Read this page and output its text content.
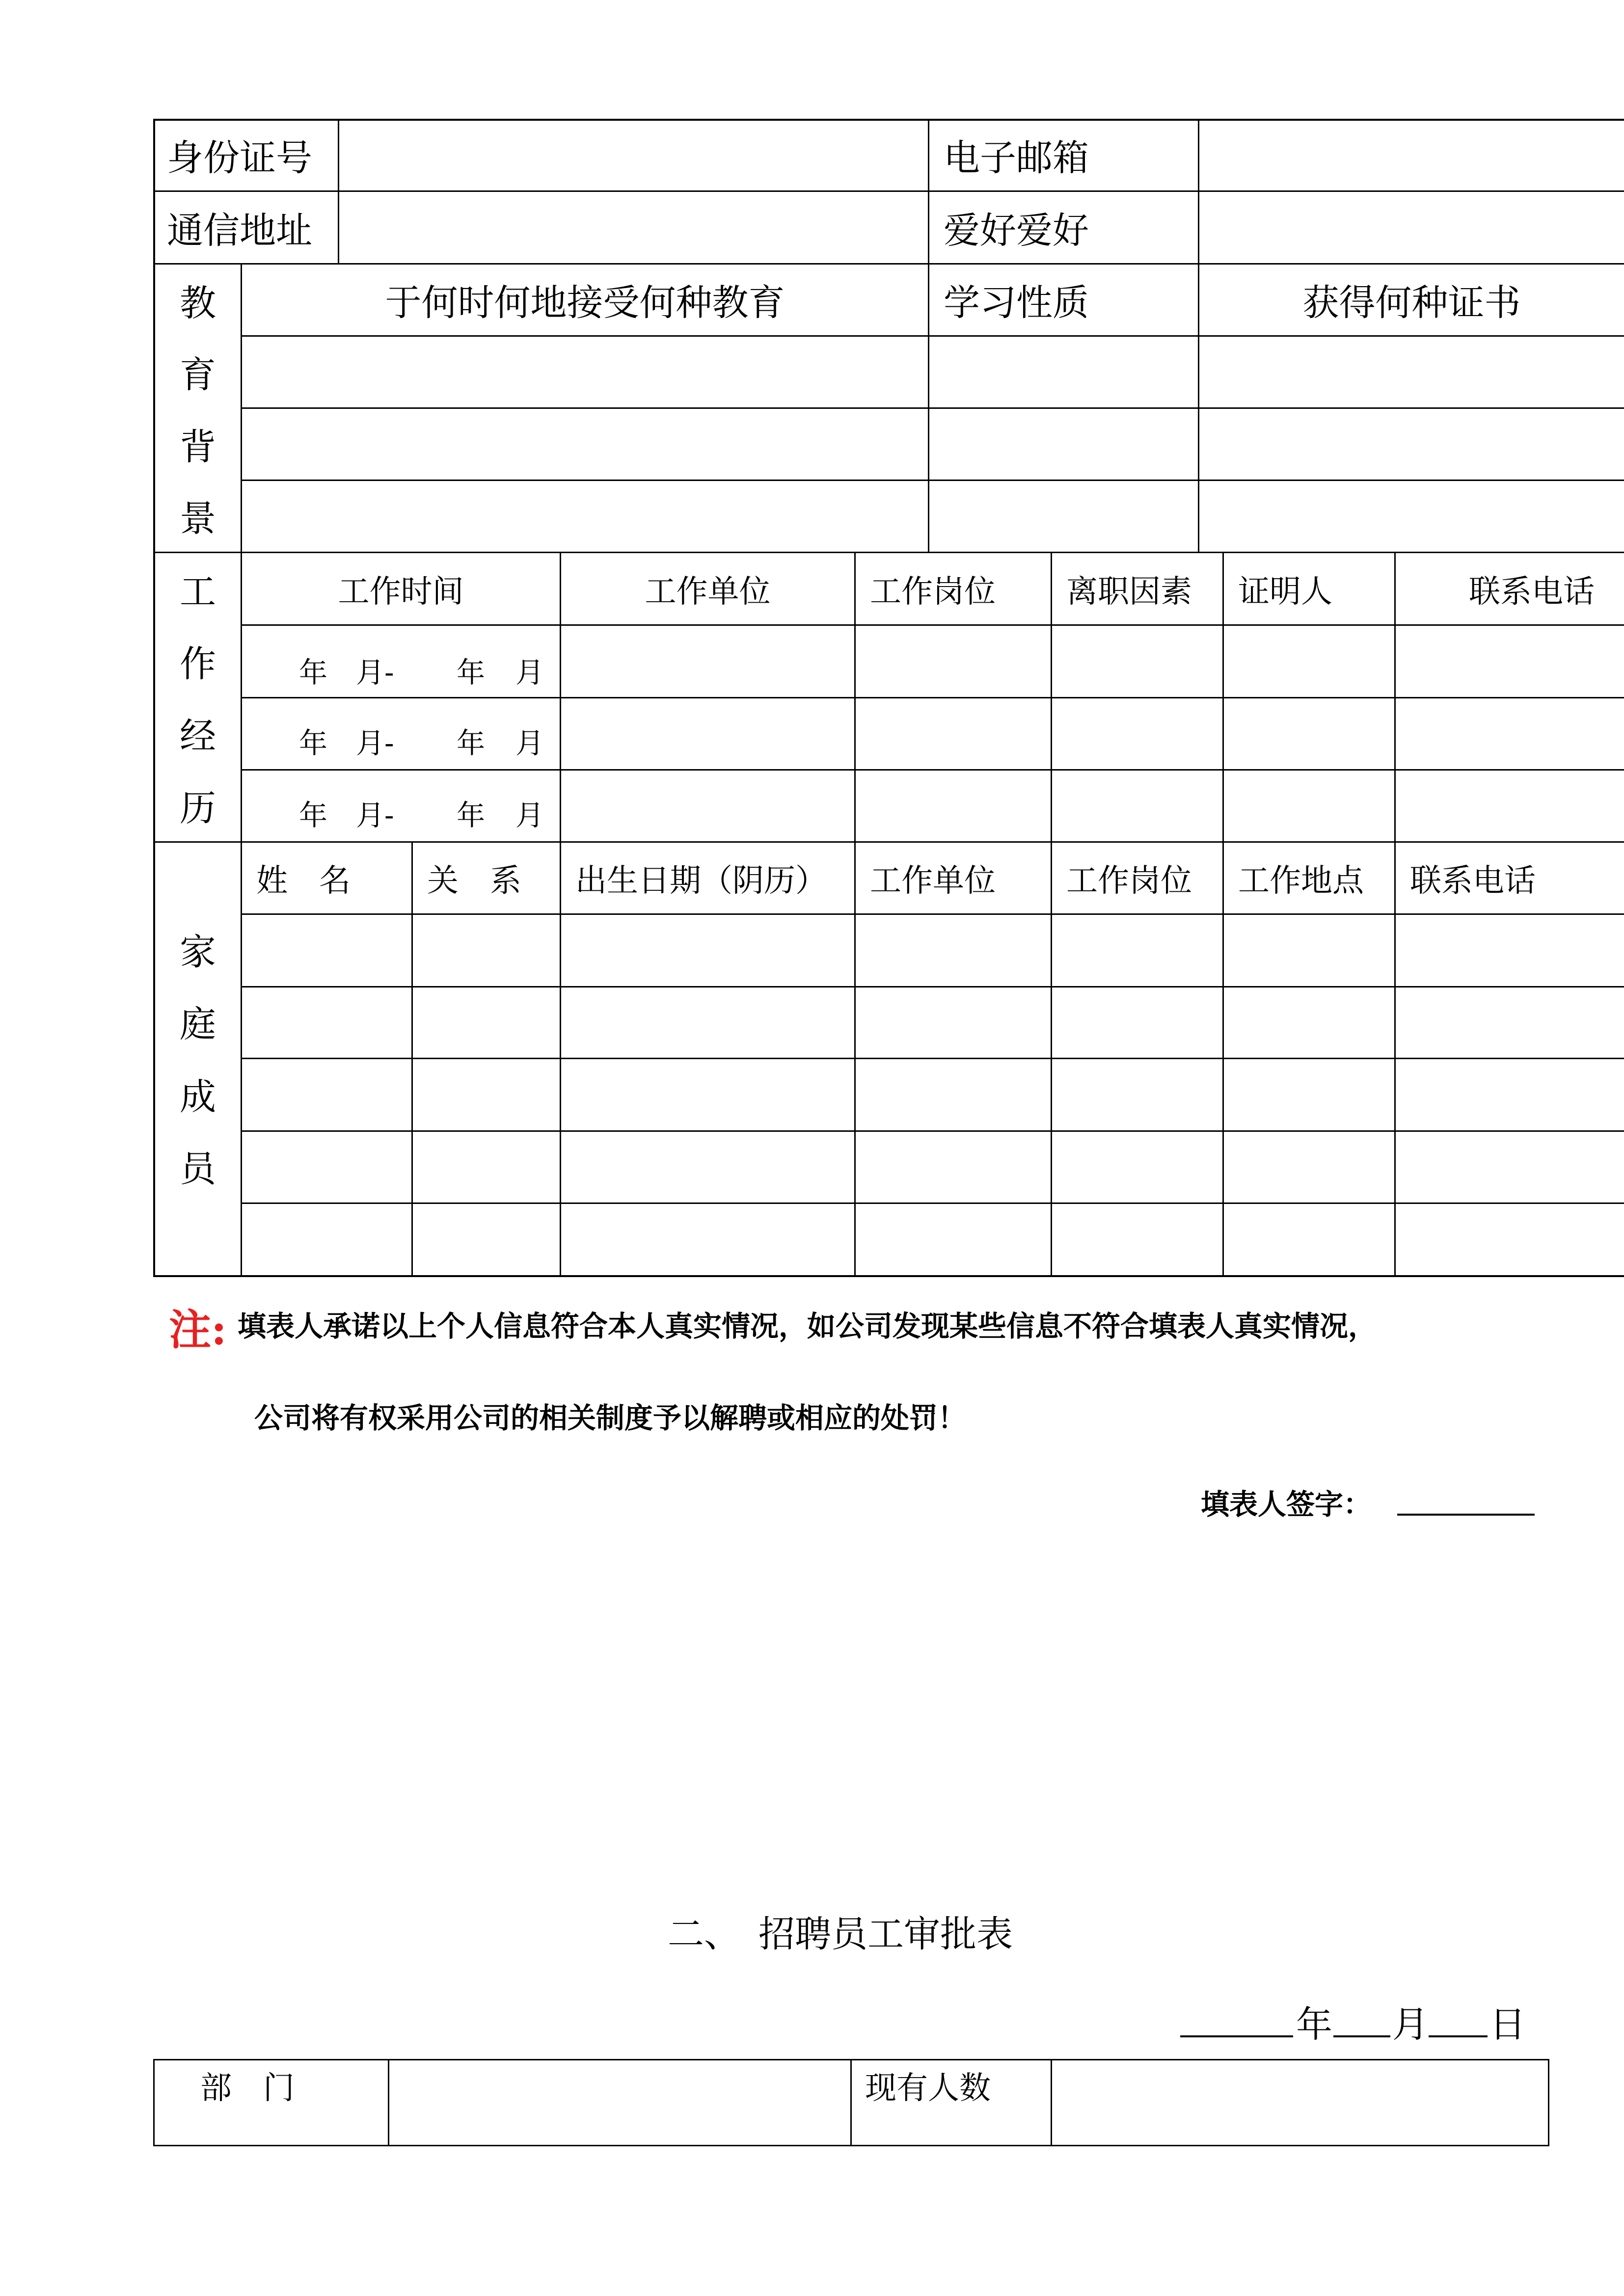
身份证号	电子邮箱
通信地址	爱好爱好
教
育
背
景
于何时何地接受何种教育	学习性质	获得何种证书
工
作
经
历
工作时间	工作单位	工作岗位 离职因素 证明人	联系电话
年 月- 年 月
年 月- 年 月
年 月- 年 月
家
庭
成
员
姓　名 关　系 出生日期（阴历） 工作单位 工作岗位 工作地点 联系电话
注: 填表人承诺以上个人信息符合本人真实情况，如公司发现某些信息不符合填表人真实情况，
公司将有权采用公司的相关制度予以解聘或相应的处罚！
填表人签字：
二、　招聘员工审批表
年 月 日
部　门	现有人数
